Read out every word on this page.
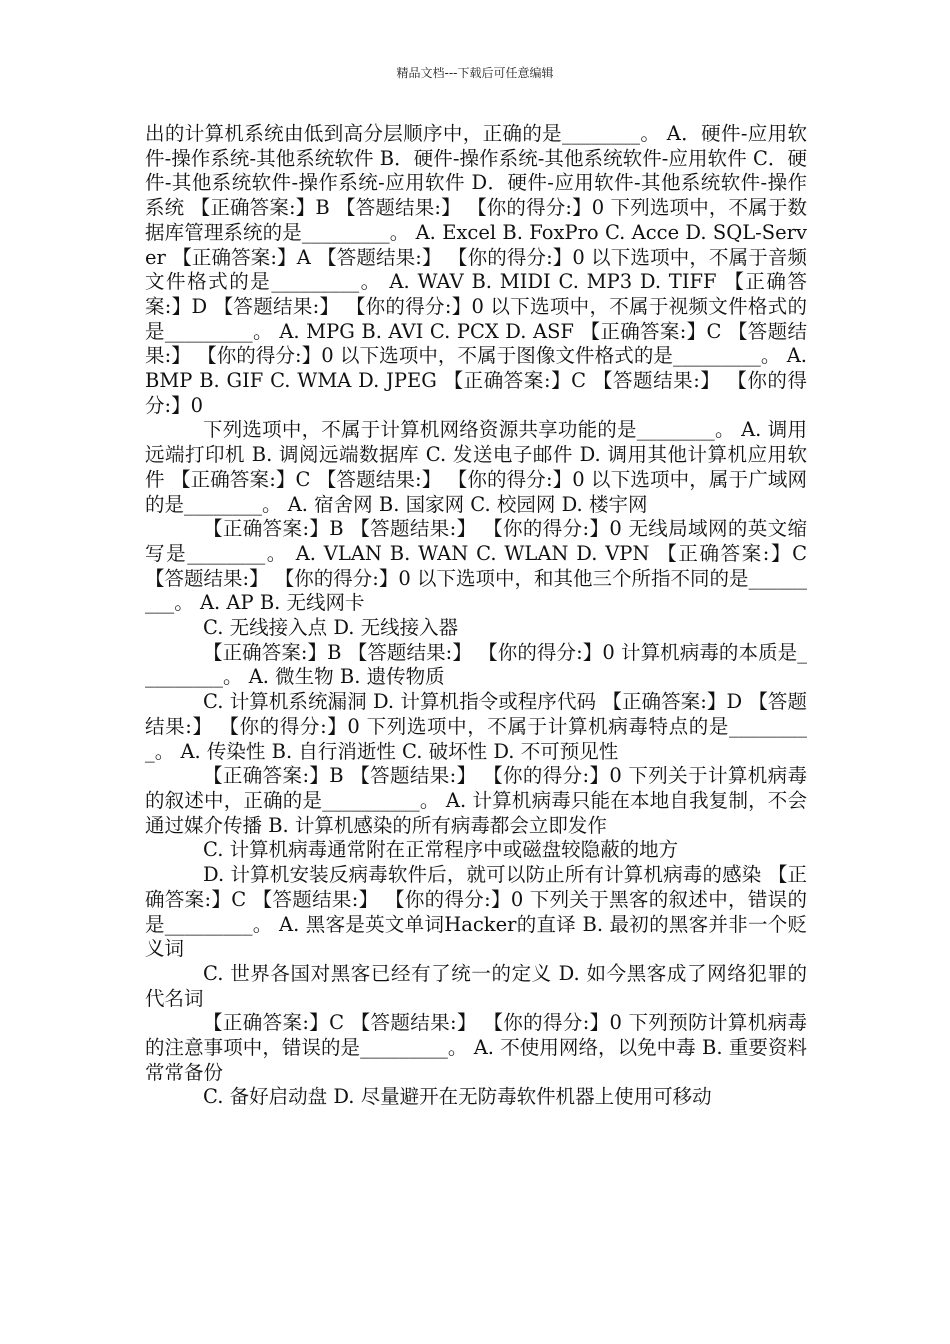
精品文档---下载后可任意编辑

出的计算机系统由低到高分层顺序中，正确的是________。 A．硬件-应用软件-操作系统-其他系统软件 B．硬件-操作系统-其他系统软件-应用软件 C．硬件-其他系统软件-操作系统-应用软件 D．硬件-应用软件-其他系统软件-操作系统 【正确答案:】B 【答题结果:】 【你的得分:】0 下列选项中，不属于数据库管理系统的是_________。 A. Excel B. FoxPro C. Acce D. SQL-Server 【正确答案:】A 【答题结果:】 【你的得分:】0 以下选项中，不属于音频文件格式的是_________。 A. WAV B. MIDI C. MP3 D. TIFF 【正确答案:】D 【答题结果:】 【你的得分:】0 以下选项中，不属于视频文件格式的是_________。 A. MPG B. AVI C. PCX D. ASF 【正确答案:】C 【答题结果:】 【你的得分:】0 以下选项中，不属于图像文件格式的是_________。 A. BMP B. GIF C. WMA D. JPEG 【正确答案:】C 【答题结果:】 【你的得分:】0

下列选项中，不属于计算机网络资源共享功能的是________。 A. 调用远端打印机 B. 调阅远端数据库 C. 发送电子邮件 D. 调用其他计算机应用软件 【正确答案:】C 【答题结果:】 【你的得分:】0 以下选项中，属于广域网的是________。 A. 宿舍网 B. 国家网 C. 校园网 D. 楼宇网

【正确答案:】B 【答题结果:】 【你的得分:】0 无线局域网的英文缩写是________。 A. VLAN B. WAN C. WLAN D. VPN 【正确答案:】C 【答题结果:】 【你的得分:】0 以下选项中，和其他三个所指不同的是_________。 A. AP B. 无线网卡

C. 无线接入点 D. 无线接入器

【正确答案:】B 【答题结果:】 【你的得分:】0 计算机病毒的本质是_________。 A. 微生物 B. 遗传物质

C. 计算机系统漏洞 D. 计算机指令或程序代码 【正确答案:】D 【答题结果:】 【你的得分:】0 下列选项中，不属于计算机病毒特点的是_________。 A. 传染性 B. 自行消逝性 C. 破坏性 D. 不可预见性

【正确答案:】B 【答题结果:】 【你的得分:】0 下列关于计算机病毒的叙述中，正确的是__________。 A. 计算机病毒只能在本地自我复制，不会通过媒介传播 B. 计算机感染的所有病毒都会立即发作

C. 计算机病毒通常附在正常程序中或磁盘较隐蔽的地方

D. 计算机安装反病毒软件后，就可以防止所有计算机病毒的感染 【正确答案:】C 【答题结果:】 【你的得分:】0 下列关于黑客的叙述中，错误的是_________。 A. 黑客是英文单词Hacker的直译 B. 最初的黑客并非一个贬义词

C. 世界各国对黑客已经有了统一的定义 D. 如今黑客成了网络犯罪的代名词

【正确答案:】C 【答题结果:】 【你的得分:】0 下列预防计算机病毒的注意事项中，错误的是_________。 A. 不使用网络，以免中毒 B. 重要资料常常备份

C. 备好启动盘 D. 尽量避开在无防毒软件机器上使用可移动
